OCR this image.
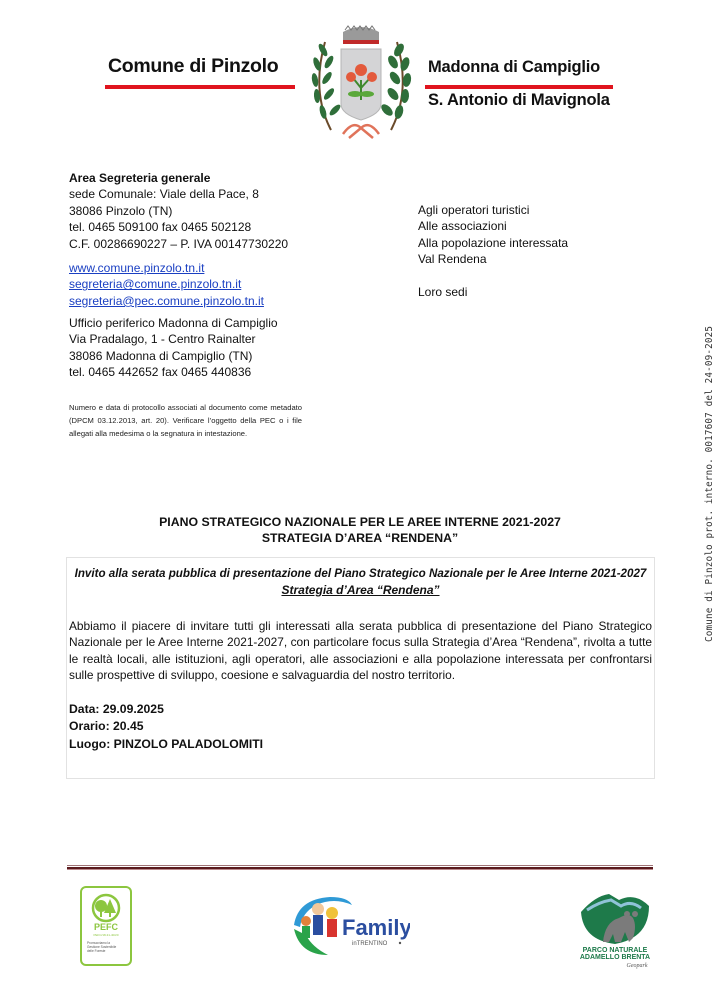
Comune di Pinzolo	Madonna di Campiglio
S. Antonio di Mavignola
Area Segreteria generale
sede Comunale: Viale della Pace, 8
38086 Pinzolo (TN)
tel. 0465 509100 fax 0465 502128
C.F. 00286690227 – P. IVA 00147730220
www.comune.pinzolo.tn.it
segreteria@comune.pinzolo.tn.it
segreteria@pec.comune.pinzolo.tn.it
Ufficio periferico Madonna di Campiglio
Via Pradalago, 1 - Centro Rainalter
38086 Madonna di Campiglio (TN)
tel. 0465 442652 fax 0465 440836
Numero e data di protocollo associati al documento come metadato (DPCM 03.12.2013, art. 20). Verificare l’oggetto della PEC o i file allegati alla medesima o la segnatura in intestazione.
Agli operatori turistici
Alle associazioni
Alla popolazione interessata
Val Rendena
Loro sedi
Comune di Pinzolo prot. interno. 0017607 del 24-09-2025
PIANO STRATEGICO NAZIONALE PER LE AREE INTERNE 2021-2027
STRATEGIA D’AREA “RENDENA”
Invito alla serata pubblica di presentazione del Piano Strategico Nazionale per le Aree Interne 2021-2027
Strategia d’Area “Rendena”
Abbiamo il piacere di invitare tutti gli interessati alla serata pubblica di presentazione del Piano Strategico Nazionale per le Aree Interne 2021-2027, con particolare focus sulla Strategia d’Area “Rendena”, rivolta a tutte le realtà locali, alle istituzioni, agli operatori, alle associazioni e alla popolazione interessata per confrontarsi sulle prospettive di sviluppo, coesione e salvaguardia del nostro territorio.
Data: 29.09.2025
Orario: 20.45
Luogo: PINZOLO PALADOLOMITI
PEFC
PEFC/18-31-40/20
Promuoviamo la
Gestione Sostenibile
delle Foreste
Family
inTRENTINO
PARCO NATURALE
ADAMELLO BRENTA
Geopark
